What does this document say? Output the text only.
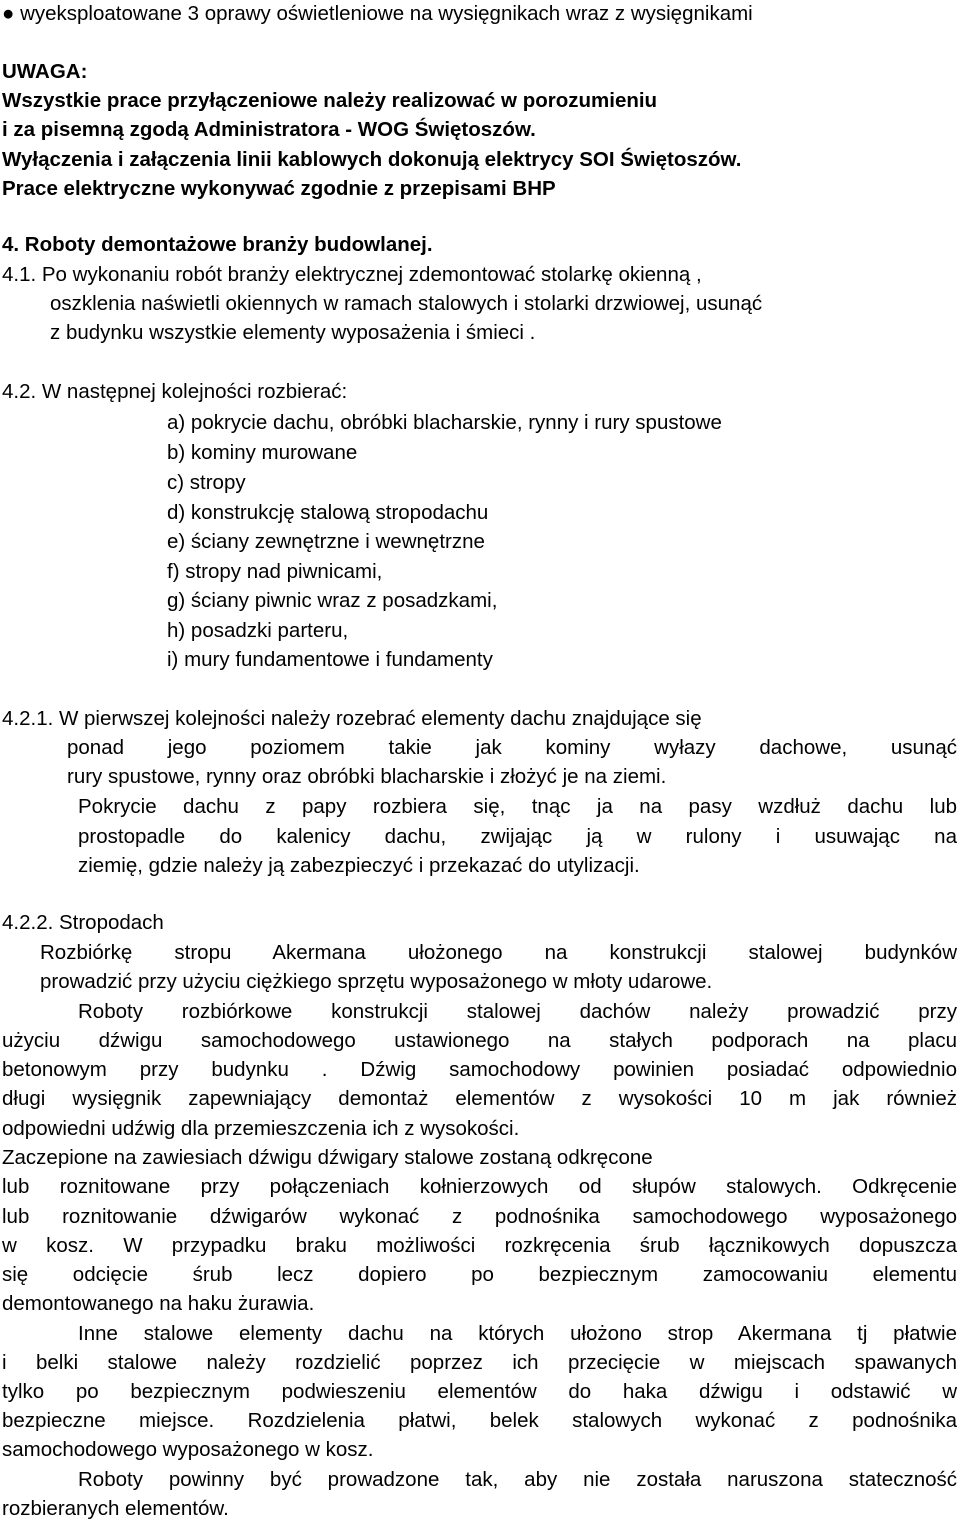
● wyeksploatowane 3 oprawy oświetleniowe na wysięgnikach wraz z wysięgnikami
UWAGA:
Wszystkie prace przyłączeniowe należy realizować w porozumieniu
i za pisemną zgodą Administratora - WOG Świętoszów.
Wyłączenia i załączenia linii kablowych dokonują elektrycy SOI Świętoszów.
Prace elektryczne wykonywać zgodnie z przepisami BHP
4. Roboty demontażowe branży budowlanej.
4.1. Po wykonaniu robót branży elektrycznej zdemontować stolarkę okienną ,
oszklenia naświetli okiennych w ramach stalowych i stolarki drzwiowej, usunąć
z budynku wszystkie elementy wyposażenia i śmieci .
4.2. W następnej kolejności rozbierać:
a) pokrycie dachu, obróbki blacharskie, rynny i rury spustowe
b) kominy murowane
c) stropy
d) konstrukcję stalową stropodachu
e) ściany zewnętrzne i wewnętrzne
f) stropy nad piwnicami,
g) ściany piwnic wraz z posadzkami,
h) posadzki parteru,
i) mury fundamentowe i fundamenty
4.2.1. W pierwszej kolejności należy rozebrać elementy dachu znajdujące się
ponad jego poziomem takie jak kominy wyłazy dachowe, usunąć
rury spustowe, rynny oraz obróbki blacharskie i złożyć je na ziemi.
Pokrycie dachu z papy rozbiera się, tnąc ja na pasy wzdłuż dachu lub
prostopadle do kalenicy dachu, zwijając ją w rulony i usuwając na
ziemię, gdzie należy ją zabezpieczyć i przekazać do utylizacji.
4.2.2. Stropodach
Rozbiórkę stropu Akermana ułożonego na konstrukcji stalowej budynków
prowadzić przy użyciu ciężkiego sprzętu wyposażonego w młoty udarowe.
Roboty rozbiórkowe konstrukcji stalowej dachów należy prowadzić przy
użyciu dźwigu samochodowego ustawionego na stałych podporach na placu
betonowym przy budynku . Dźwig samochodowy powinien posiadać odpowiednio
długi wysięgnik zapewniający demontaż elementów z wysokości 10 m jak również
odpowiedni udźwig dla przemieszczenia ich z wysokości.
Zaczepione na zawiesiach dźwigu dźwigary stalowe zostaną odkręcone
lub roznitowane przy połączeniach kołnierzowych od słupów stalowych. Odkręcenie
lub roznitowanie dźwigarów wykonać z podnośnika samochodowego wyposażonego
w kosz. W przypadku braku możliwości rozkręcenia śrub łącznikowych dopuszcza
się odcięcie śrub lecz dopiero po bezpiecznym zamocowaniu elementu
demontowanego na haku żurawia.
Inne stalowe elementy dachu na których ułożono strop Akermana tj płatwie
i belki stalowe należy rozdzielić poprzez ich przecięcie w miejscach spawanych
tylko po bezpiecznym podwieszeniu elementów do haka dźwigu i odstawić w
bezpieczne miejsce. Rozdzielenia płatwi, belek stalowych wykonać z podnośnika
samochodowego wyposażonego w kosz.
Roboty powinny być prowadzone tak, aby nie została naruszona stateczność
rozbieranych elementów.
